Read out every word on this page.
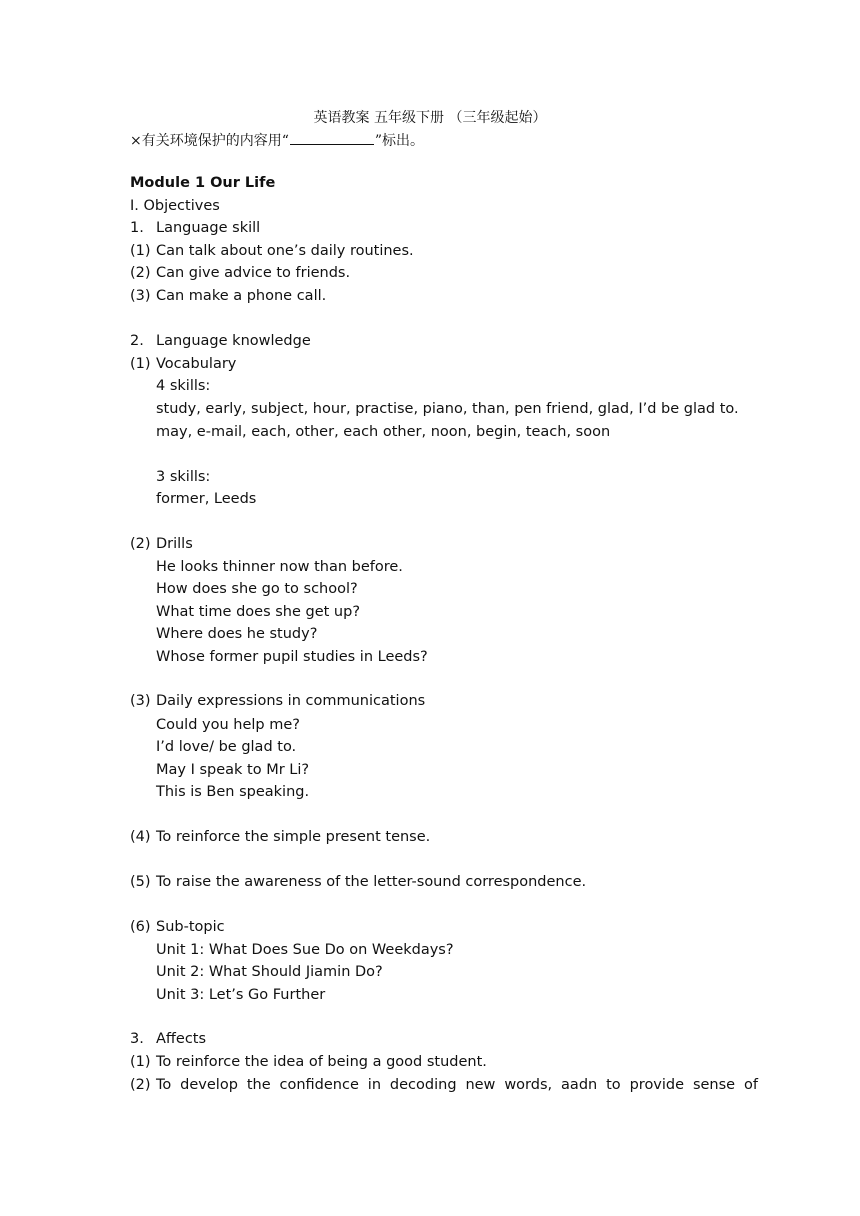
英语教案 五年级下册 （三年级起始）
×有关环境保护的内容用“	”标出。
Module 1 Our Life
Ⅰ. Objectives
1. Language skill
(1) Can talk about one’s daily routines.
(2) Can give advice to friends.
(3) Can make a phone call.
2. Language knowledge
(1) Vocabulary
4 skills:
study, early, subject, hour, practise, piano, than, pen friend, glad, I’d be glad to.
may, e-mail, each, other, each other, noon, begin, teach, soon
3 skills:
former, Leeds
(2) Drills
He looks thinner now than before.
How does she go to school?
What time does she get up?
Where does he study?
Whose former pupil studies in Leeds?
(3) Daily expressions in communications
Could you help me?
I’d love/ be glad to.
May I speak to Mr Li?
This is Ben speaking.
(4) To reinforce the simple present tense.
(5) To raise the awareness of the letter-sound correspondence.
(6) Sub-topic
Unit 1: What Does Sue Do on Weekdays?
Unit 2: What Should Jiamin Do?
Unit 3: Let’s Go Further
3. Affects
(1) To reinforce the idea of being a good student.
(2) To develop the confidence in decoding new words, aadn to provide sense of
